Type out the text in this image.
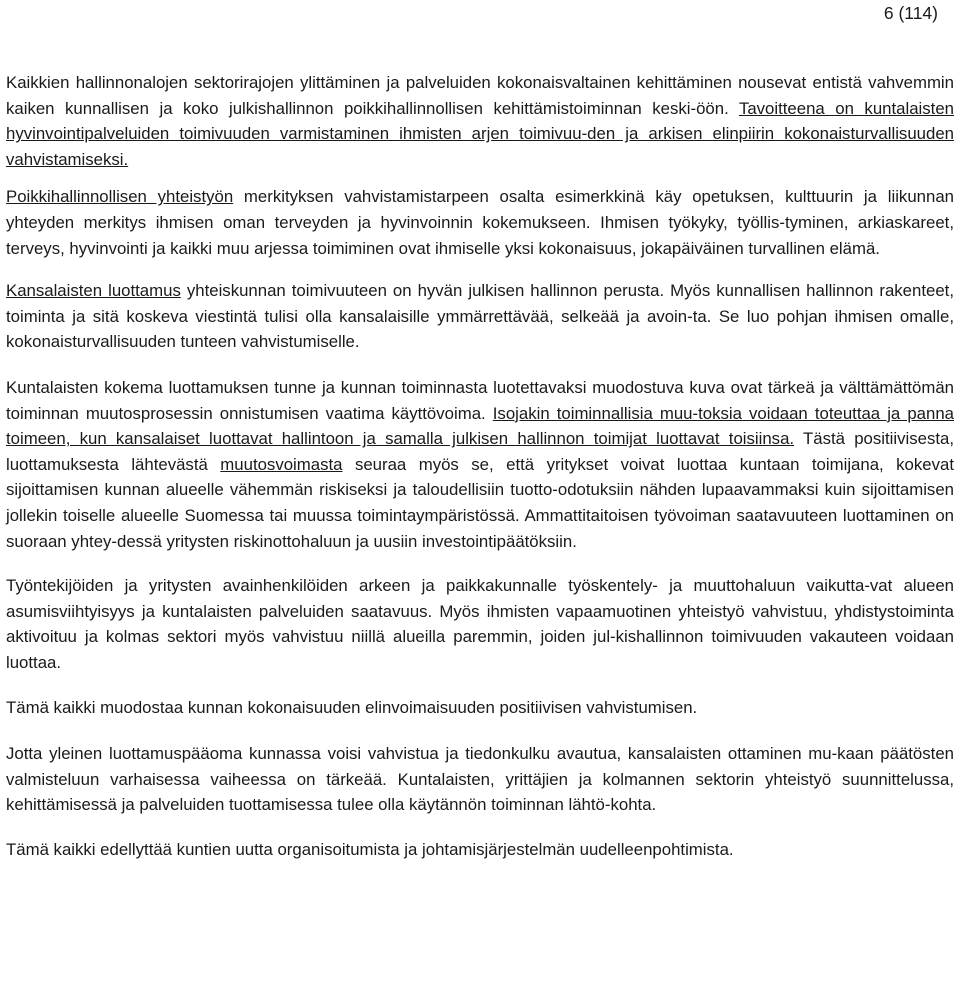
6 (114)

Kaikkien hallinnonalojen sektorirajojen ylittäminen ja palveluiden kokonaisvaltainen kehittäminen nousevat entistä vahvemmin kaiken kunnallisen ja koko julkishallinnon poikkihallinnollisen kehittämistoiminnan keski-öön. Tavoitteena on kuntalaisten hyvinvointipalveluiden toimivuuden varmistaminen ihmisten arjen toimivuu-den ja arkisen elinpiirin kokonaisturvallisuuden vahvistamiseksi.

Poikkihallinnollisen yhteistyön merkityksen vahvistamistarpeen osalta esimerkkinä käy opetuksen, kulttuurin ja liikunnan yhteyden merkitys ihmisen oman terveyden ja hyvinvoinnin kokemukseen. Ihmisen työkyky, työllis-tyminen, arkiaskareet, terveys, hyvinvointi ja kaikki muu arjessa toimiminen ovat ihmiselle yksi kokonaisuus, jokapäiväinen turvallinen elämä.

Kansalaisten luottamus yhteiskunnan toimivuuteen on hyvän julkisen hallinnon perusta. Myös kunnallisen hallinnon rakenteet, toiminta ja sitä koskeva viestintä tulisi olla kansalaisille ymmärrettävää, selkeää ja avoin-ta. Se luo pohjan ihmisen omalle, kokonaisturvallisuuden tunteen vahvistumiselle.

Kuntalaisten kokema luottamuksen tunne ja kunnan toiminnasta luotettavaksi muodostuva kuva ovat tärkeä ja välttämättömän toiminnan muutosprosessin onnistumisen vaatima käyttövoima. Isojakin toiminnallisia muu-toksia voidaan toteuttaa ja panna toimeen, kun kansalaiset luottavat hallintoon ja samalla julkisen hallinnon toimijat luottavat toisiinsa. Tästä positiivisesta, luottamuksesta lähtevästä muutosvoimasta seuraa myös se, että yritykset voivat luottaa kuntaan toimijana, kokevat sijoittamisen kunnan alueelle vähemmän riskiseksi ja taloudellisiin tuotto-odotuksiin nähden lupaavammaksi kuin sijoittamisen jollekin toiselle alueelle Suomessa tai muussa toimintaympäristössä. Ammattitaitoisen työvoiman saatavuuteen luottaminen on suoraan yhtey-dessä yritysten riskinottohaluun ja uusiin investointipäätöksiin.

Työntekijöiden ja yritysten avainhenkilöiden arkeen ja paikkakunnalle työskentely- ja muuttohaluun vaikutta-vat alueen asumisviihtyisyys ja kuntalaisten palveluiden saatavuus. Myös ihmisten vapaamuotinen yhteistyö vahvistuu, yhdistystoiminta aktivoituu ja kolmas sektori myös vahvistuu niillä alueilla paremmin, joiden jul-kishallinnon toimivuuden vakauteen voidaan luottaa.

Tämä kaikki muodostaa kunnan kokonaisuuden elinvoimaisuuden positiivisen vahvistumisen.

Jotta yleinen luottamuspääoma kunnassa voisi vahvistua ja tiedonkulku avautua, kansalaisten ottaminen mu-kaan päätösten valmisteluun varhaisessa vaiheessa on tärkeää. Kuntalaisten, yrittäjien ja kolmannen sektorin yhteistyö suunnittelussa, kehittämisessä ja palveluiden tuottamisessa tulee olla käytännön toiminnan lähtö-kohta.

Tämä kaikki edellyttää kuntien uutta organisoitumista ja johtamisjärjestelmän uudelleenpohtimista.
